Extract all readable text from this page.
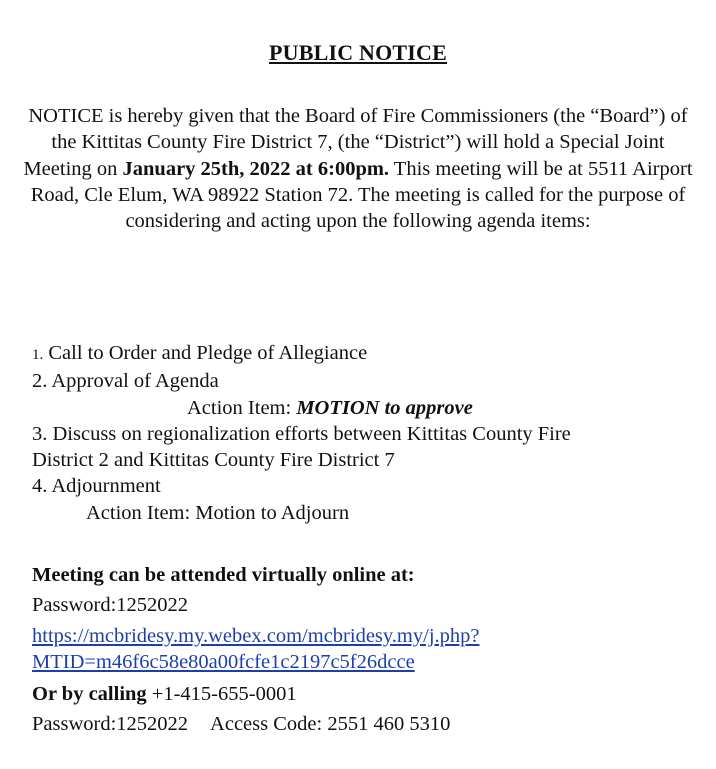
PUBLIC NOTICE
NOTICE is hereby given that the Board of Fire Commissioners (the “Board”) of the Kittitas County Fire District 7, (the “District”) will hold a Special Joint Meeting on January 25th, 2022 at 6:00pm. This meeting will be at 5511 Airport Road, Cle Elum, WA 98922 Station 72. The meeting is called for the purpose of considering and acting upon the following agenda items:
1. Call to Order and Pledge of Allegiance
2. Approval of Agenda
Action Item: MOTION to approve
3. Discuss on regionalization efforts between Kittitas County Fire
District 2 and Kittitas County Fire District 7
4. Adjournment
Action Item: Motion to Adjourn
Meeting can be attended virtually online at:
Password:1252022
https://mcbridesy.my.webex.com/mcbridesy.my/j.php?
MTID=m46f6c58e80a00fcfe1c2197c5f26dcce
Or by calling +1-415-655-0001
Password:1252022 Access Code: 2551 460 5310
